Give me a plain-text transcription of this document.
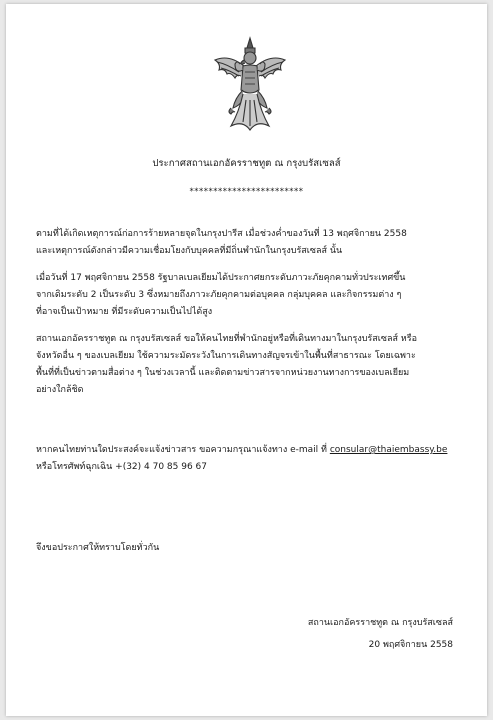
ประกาศสถานเอกอัครราชทูต ณ กรุงบรัสเซลส์
************************
ตามที่ได้เกิดเหตุการณ์ก่อการร้ายหลายจุดในกรุงปารีส เมื่อช่วงค่ำของวันที่ 13 พฤศจิกายน 2558
และเหตุการณ์ดังกล่าวมีความเชื่อมโยงกับบุคคลที่มีถิ่นพำนักในกรุงบรัสเซลส์ นั้น
เมื่อวันที่ 17 พฤศจิกายน 2558 รัฐบาลเบลเยียมได้ประกาศยกระดับภาวะภัยคุกคามทั่วประเทศขึ้น
จากเดิมระดับ 2 เป็นระดับ 3 ซึ่งหมายถึงภาวะภัยคุกคามต่อบุคคล กลุ่มบุคคล และกิจกรรมต่าง ๆ
ที่อาจเป็นเป้าหมาย ที่มีระดับความเป็นไปได้สูง
สถานเอกอัครราชทูต ณ กรุงบรัสเซลส์ ขอให้คนไทยที่พำนักอยู่หรือที่เดินทางมาในกรุงบรัสเซลส์ หรือ
จังหวัดอื่น ๆ ของเบลเยียม ใช้ความระมัดระวังในการเดินทางสัญจรเข้าในพื้นที่สาธารณะ โดยเฉพาะ
พื้นที่ที่เป็นข่าวตามสื่อต่าง ๆ ในช่วงเวลานี้ และติดตามข่าวสารจากหน่วยงานทางการของเบลเยียม
อย่างใกล้ชิด
หากคนไทยท่านใดประสงค์จะแจ้งข่าวสาร ขอความกรุณาแจ้งทาง e-mail ที่ consular@thaiembassy.be
หรือโทรศัพท์ฉุกเฉิน +(32) 4 70 85 96 67
จึงขอประกาศให้ทราบโดยทั่วกัน
สถานเอกอัครราชทูต ณ กรุงบรัสเซลส์
20 พฤศจิกายน 2558
